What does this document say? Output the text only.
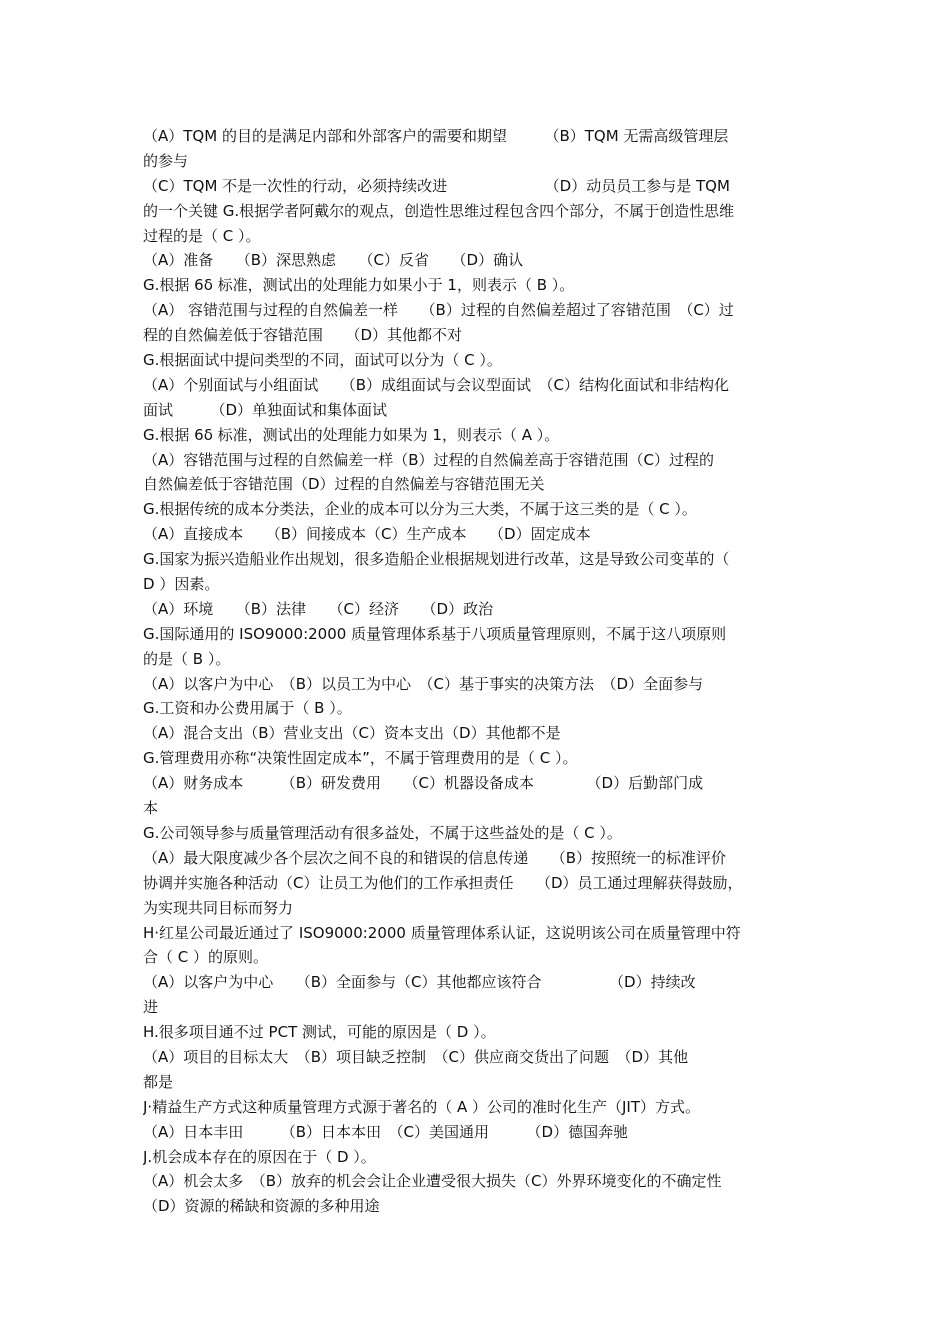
（A）TQM 的目的是满足内部和外部客户的需要和期望　　　（B）TQM 无需高级管理层
的参与
（C）TQM 不是一次性的行动，必须持续改进　　　　　　　（D）动员员工参与是 TQM
的一个关键 G.根据学者阿戴尔的观点，创造性思维过程包含四个部分，不属于创造性思维
过程的是（ C ）。
（A）准备　　（B）深思熟虑　　（C）反省　　（D）确认
G.根据 6δ 标准，测试出的处理能力如果小于 1，则表示（ B ）。
（A） 容错范围与过程的自然偏差一样　　（B）过程的自然偏差超过了容错范围　（C）过
程的自然偏差低于容错范围　　（D）其他都不对
G.根据面试中提问类型的不同，面试可以分为（ C ）。
（A）个别面试与小组面试　　（B）成组面试与会议型面试　（C）结构化面试和非结构化
面试　　　（D）单独面试和集体面试
G.根据 6δ 标准，测试出的处理能力如果为 1，则表示（ A ）。
（A）容错范围与过程的自然偏差一样（B）过程的自然偏差高于容错范围（C）过程的
自然偏差低于容错范围（D）过程的自然偏差与容错范围无关
G.根据传统的成本分类法，企业的成本可以分为三大类，不属于这三类的是（ C ）。
（A）直接成本　　（B）间接成本（C）生产成本　　（D）固定成本
G.国家为振兴造船业作出规划，很多造船企业根据规划进行改革，这是导致公司变革的（
D ）因素。
（A）环境　　（B）法律　　（C）经济　　（D）政治
G.国际通用的 ISO9000:2000 质量管理体系基于八项质量管理原则，不属于这八项原则
的是（ B ）。
（A）以客户为中心　（B）以员工为中心　（C）基于事实的决策方法　（D）全面参与
G.工资和办公费用属于（ B ）。
（A）混合支出（B）营业支出（C）资本支出（D）其他都不是
G.管理费用亦称“决策性固定成本”，不属于管理费用的是（ C ）。
（A）财务成本　　　（B）研发费用　　（C）机器设备成本　　　　（D）后勤部门成
本
G.公司领导参与质量管理活动有很多益处，不属于这些益处的是（ C ）。
（A）最大限度减少各个层次之间不良的和错误的信息传递　　（B）按照统一的标准评价
协调并实施各种活动（C）让员工为他们的工作承担责任　　（D）员工通过理解获得鼓励，
为实现共同目标而努力
H·红星公司最近通过了 ISO9000:2000 质量管理体系认证，这说明该公司在质量管理中符
合（ C ）的原则。
（A）以客户为中心　　（B）全面参与（C）其他都应该符合　　　　　（D）持续改
进
H.很多项目通不过 PCT 测试，可能的原因是（ D ）。
（A）项目的目标太大　（B）项目缺乏控制　（C）供应商交货出了问题　（D）其他
都是
J·精益生产方式这种质量管理方式源于著名的（ A ）公司的准时化生产（JIT）方式。
（A）日本丰田　　　（B）日本本田　（C）美国通用　　　（D）德国奔驰
J.机会成本存在的原因在于（ D ）。
（A）机会太多　（B）放弃的机会会让企业遭受很大损失（C）外界环境变化的不确定性
（D）资源的稀缺和资源的多种用途
